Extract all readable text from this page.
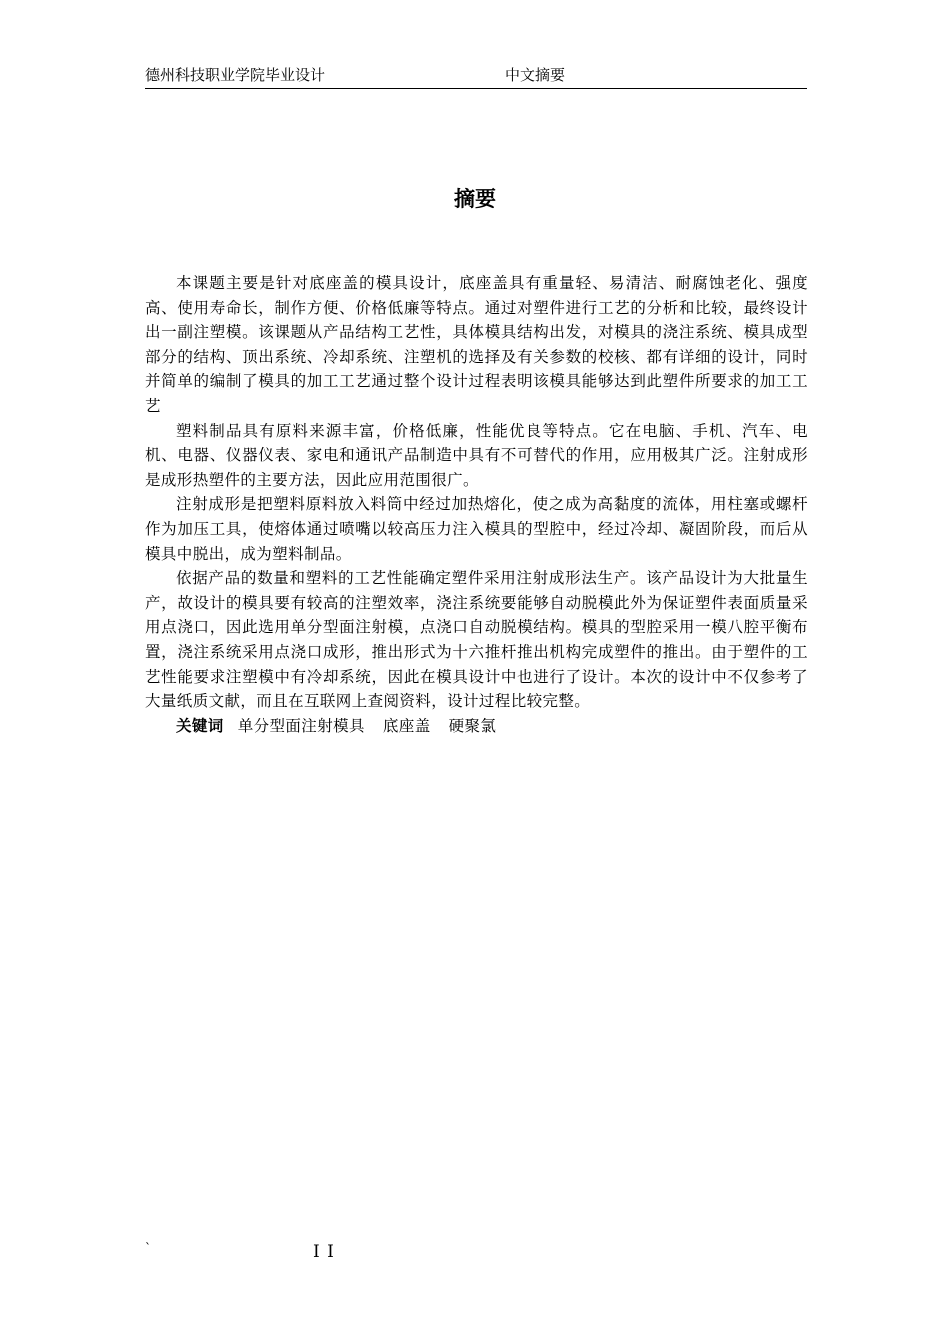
德州科技职业学院毕业设计	中文摘要
摘要

本课题主要是针对底座盖的模具设计，底座盖具有重量轻、易清洁、耐腐蚀老化、强度高、使用寿命长，制作方便、价格低廉等特点。通过对塑件进行工艺的分析和比较，最终设计出一副注塑模。该课题从产品结构工艺性，具体模具结构出发，对模具的浇注系统、模具成型部分的结构、顶出系统、冷却系统、注塑机的选择及有关参数的校核、都有详细的设计，同时并简单的编制了模具的加工工艺通过整个设计过程表明该模具能够达到此塑件所要求的加工工艺

塑料制品具有原料来源丰富，价格低廉，性能优良等特点。它在电脑、手机、汽车、电机、电器、仪器仪表、家电和通讯产品制造中具有不可替代的作用，应用极其广泛。注射成形是成形热塑件的主要方法，因此应用范围很广。

注射成形是把塑料原料放入料筒中经过加热熔化，使之成为高黏度的流体，用柱塞或螺杆作为加压工具，使熔体通过喷嘴以较高压力注入模具的型腔中，经过冷却、凝固阶段，而后从模具中脱出，成为塑料制品。

依据产品的数量和塑料的工艺性能确定塑件采用注射成形法生产。该产品设计为大批量生产，故设计的模具要有较高的注塑效率，浇注系统要能够自动脱模此外为保证塑件表面质量采用点浇口，因此选用单分型面注射模，点浇口自动脱模结构。模具的型腔采用一模八腔平衡布置，浇注系统采用点浇口成形，推出形式为十六推杆推出机构完成塑件的推出。由于塑件的工艺性能要求注塑模中有冷却系统，因此在模具设计中也进行了设计。本次的设计中不仅参考了大量纸质文献，而且在互联网上查阅资料，设计过程比较完整。

关键词 单分型面注射模具 底座盖 硬聚氯

`	I I
